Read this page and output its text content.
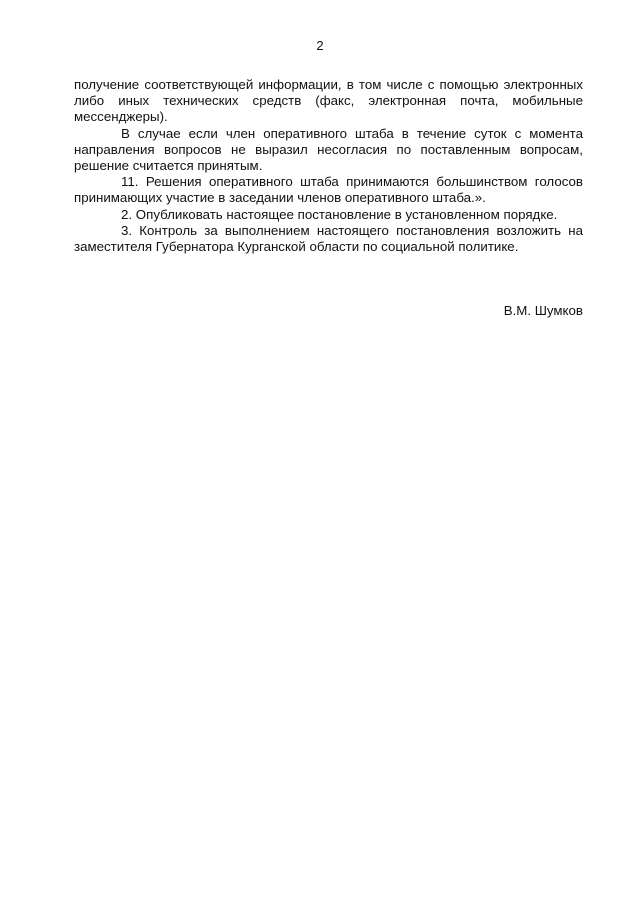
2

получение соответствующей информации, в том числе с помощью электронных либо иных технических средств (факс, электронная почта, мобильные мессенджеры).

В случае если член оперативного штаба в течение суток с момента направления вопросов не выразил несогласия по поставленным вопросам, решение считается принятым.

11. Решения оперативного штаба принимаются большинством голосов принимающих участие в заседании членов оперативного штаба.».

2. Опубликовать настоящее постановление в установленном порядке.

3. Контроль за выполнением настоящего постановления возложить на заместителя Губернатора Курганской области по социальной политике.

В.М. Шумков
